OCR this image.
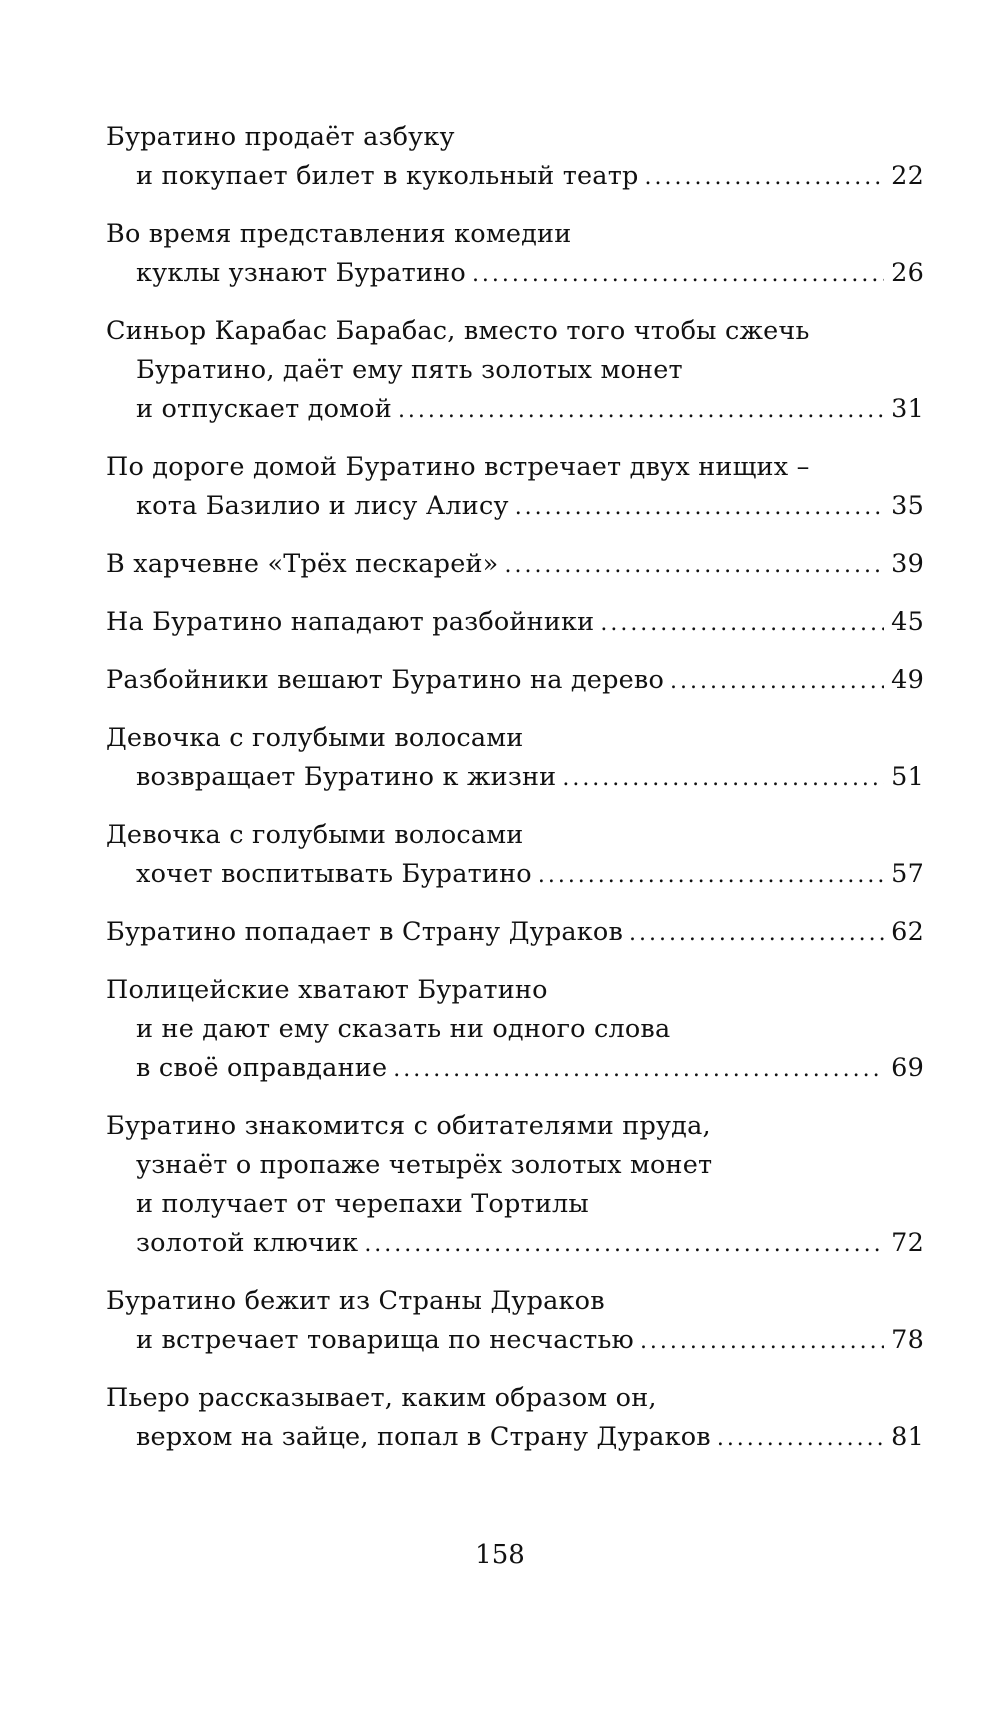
Буратино продаёт азбуку
и покупает билет в кукольный театр . . .	22
Во время представления комедии
куклы узнают Буратино . . .	26
Синьор Карабас Барабас, вместо того чтобы сжечь
Буратино, даёт ему пять золотых монет
и отпускает домой . . .	31
По дороге домой Буратино встречает двух нищих –
кота Базилио и лису Алису . . .	35
В харчевне «Трёх пескарей» . . .	39
На Буратино нападают разбойники . . .	45
Разбойники вешают Буратино на дерево . . .	49
Девочка с голубыми волосами
возвращает Буратино к жизни . . .	51
Девочка с голубыми волосами
хочет воспитывать Буратино . . .	57
Буратино попадает в Страну Дураков . . .	62
Полицейские хватают Буратино
и не дают ему сказать ни одного слова
в своё оправдание . . .	69
Буратино знакомится с обитателями пруда,
узнаёт о пропаже четырёх золотых монет
и получает от черепахи Тортилы
золотой ключик . . .	72
Буратино бежит из Страны Дураков
и встречает товарища по несчастью . . .	78
Пьеро рассказывает, каким образом он,
верхом на зайце, попал в Страну Дураков . . .	81
158
